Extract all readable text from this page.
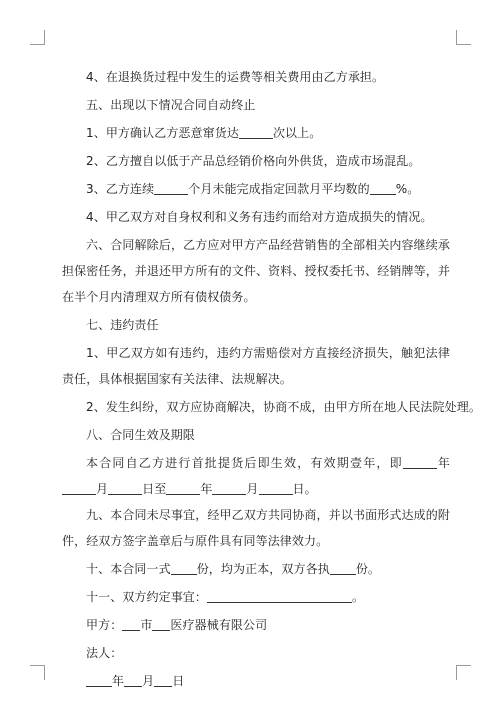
4、在退换货过程中发生的运费等相关费用由乙方承担。

五、出现以下情况合同自动终止

1、甲方确认乙方恶意窜货达	次以上。

2、乙方擅自以低于产品总经销价格向外供货，造成市场混乱。

3、乙方连续	个月未能完成指定回款月平均数的 %。

4、甲乙双方对自身权利和义务有违约而给对方造成损失的情况。

六、合同解除后，乙方应对甲方产品经营销售的全部相关内容继续承担保密任务，并退还甲方所有的文件、资料、授权委托书、经销牌等，并在半个月内清理双方所有债权债务。

七、违约责任

1、甲乙双方如有违约，违约方需赔偿对方直接经济损失，触犯法律责任，具体根据国家有关法律、法规解决。

2、发生纠纷，双方应协商解决，协商不成，由甲方所在地人民法院处理。

八、合同生效及期限

本合同自乙方进行首批提货后即生效，有效期壹年，即	年月	日至	年	月	日。

九、本合同未尽事宜，经甲乙双方共同协商，并以书面形式达成的附件，经双方签字盖章后与原件具有同等法律效力。

十、本合同一式 份，均为正本，双方各执 份。

十一、双方约定事宜：	。

甲方： 市 医疗器械有限公司

法人：

年 月 日
